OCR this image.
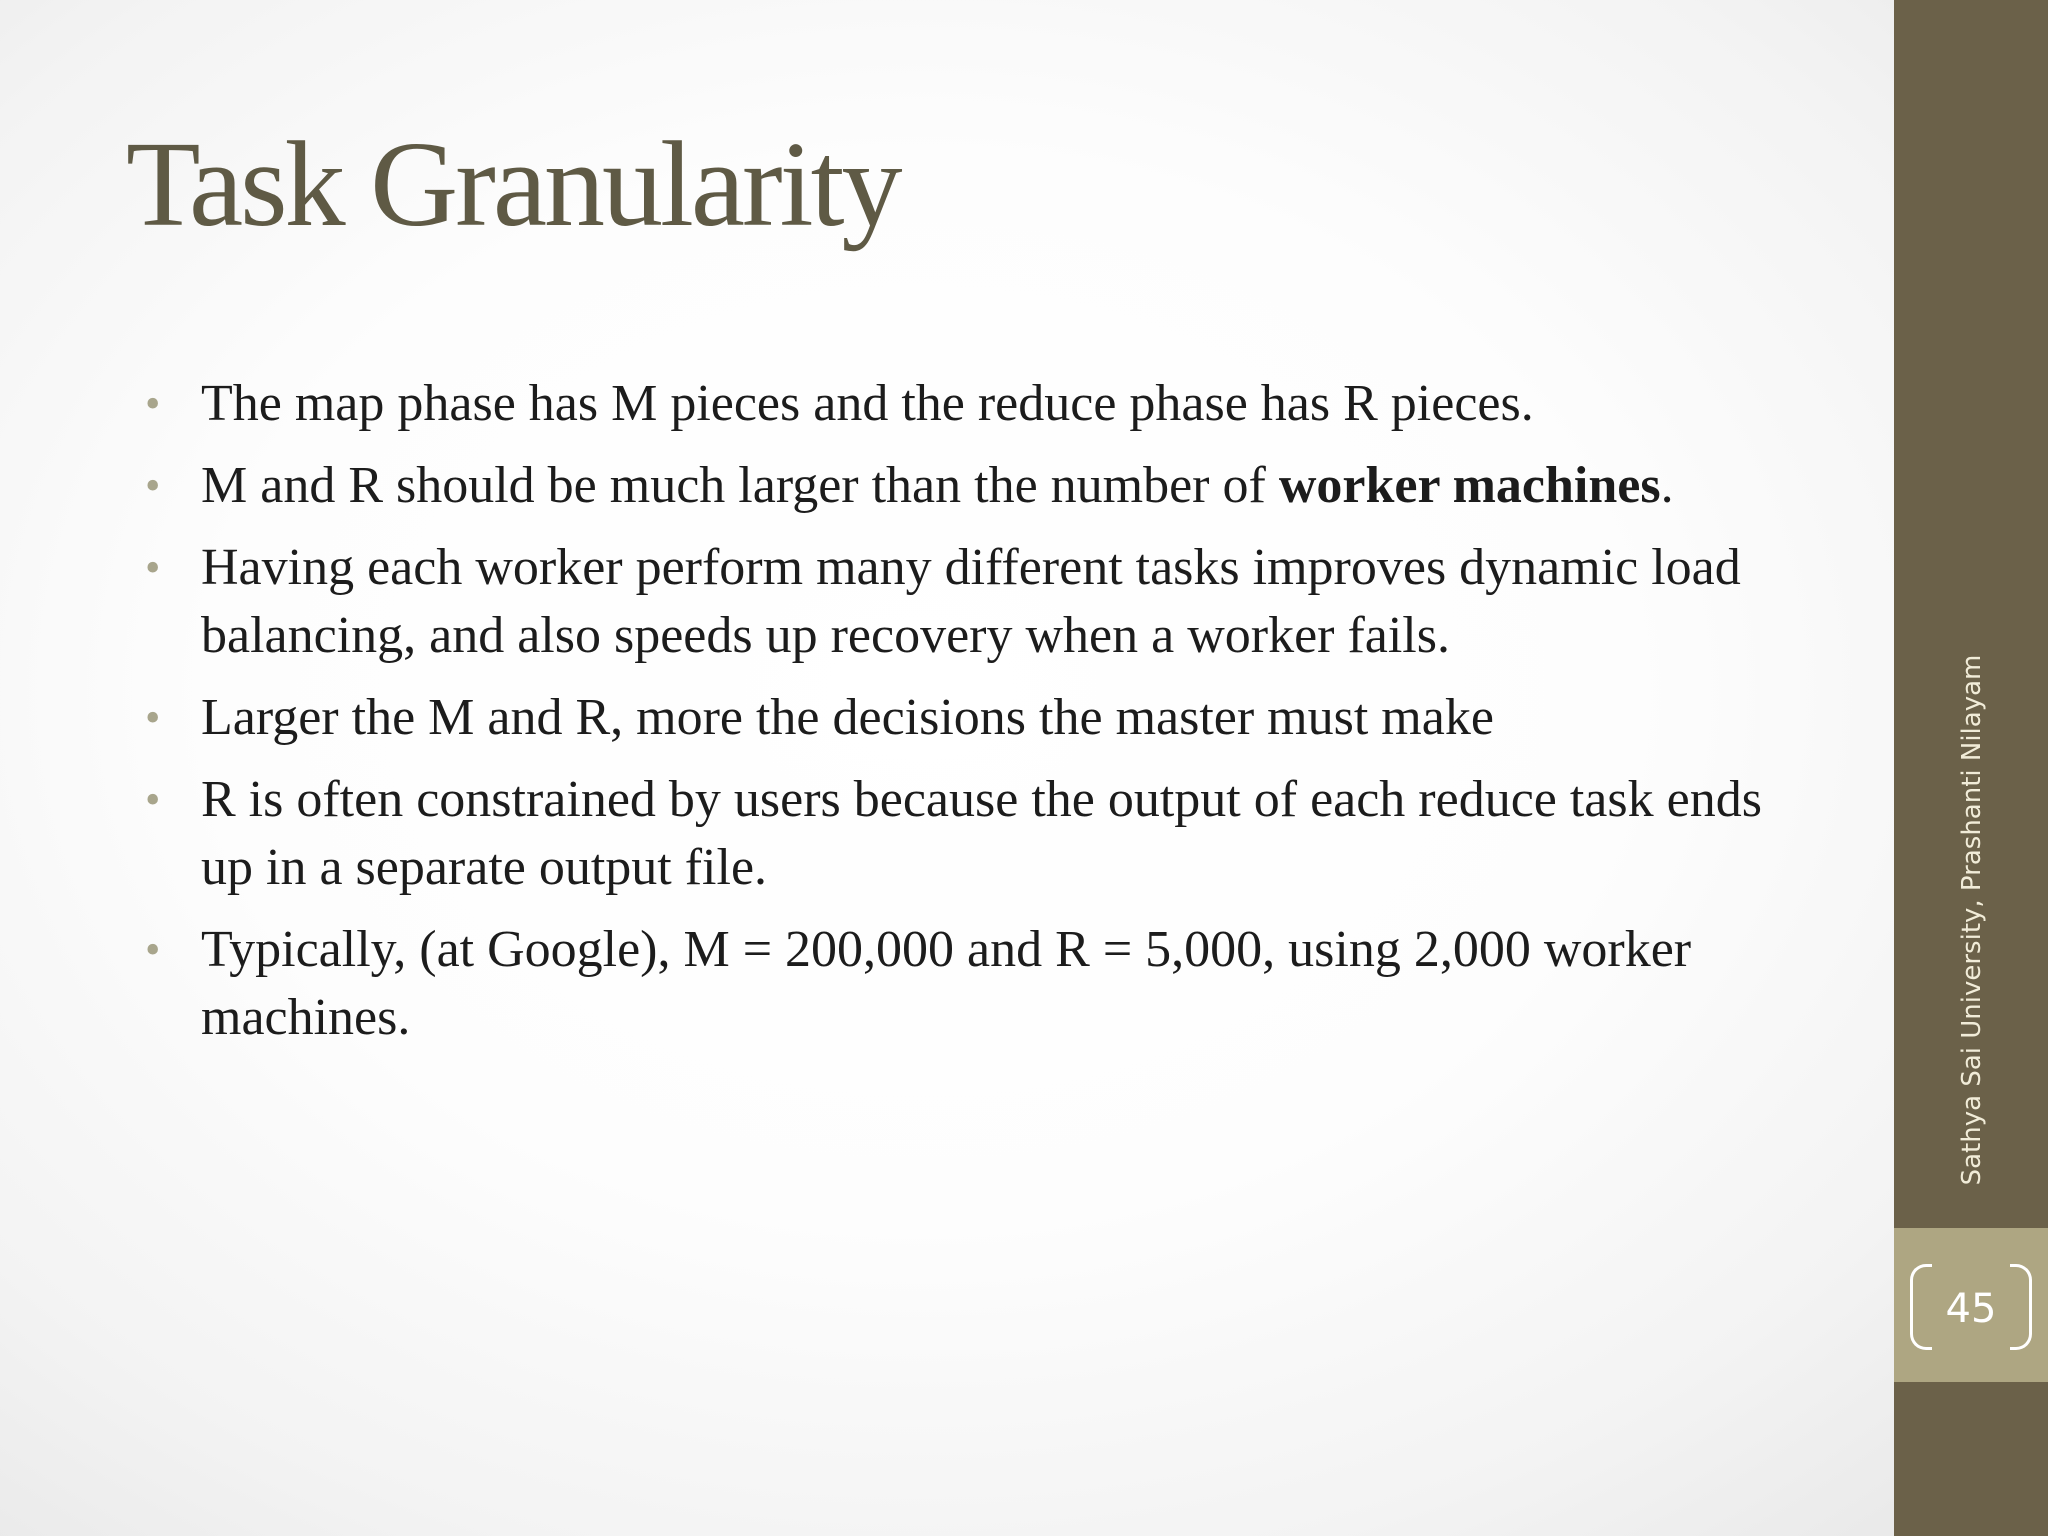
Task Granularity
• The map phase has M pieces and the reduce phase has R pieces.
• M and R should be much larger than the number of worker machines.
• Having each worker perform many different tasks improves dynamic load balancing, and also speeds up recovery when a worker fails.
• Larger the M and R, more the decisions the master must make
• R is often constrained by users because the output of each reduce task ends up in a separate output file.
• Typically, (at Google), M = 200,000 and R = 5,000, using 2,000 worker machines.	Sathya Sai University, Prashanti Nilayam
45
